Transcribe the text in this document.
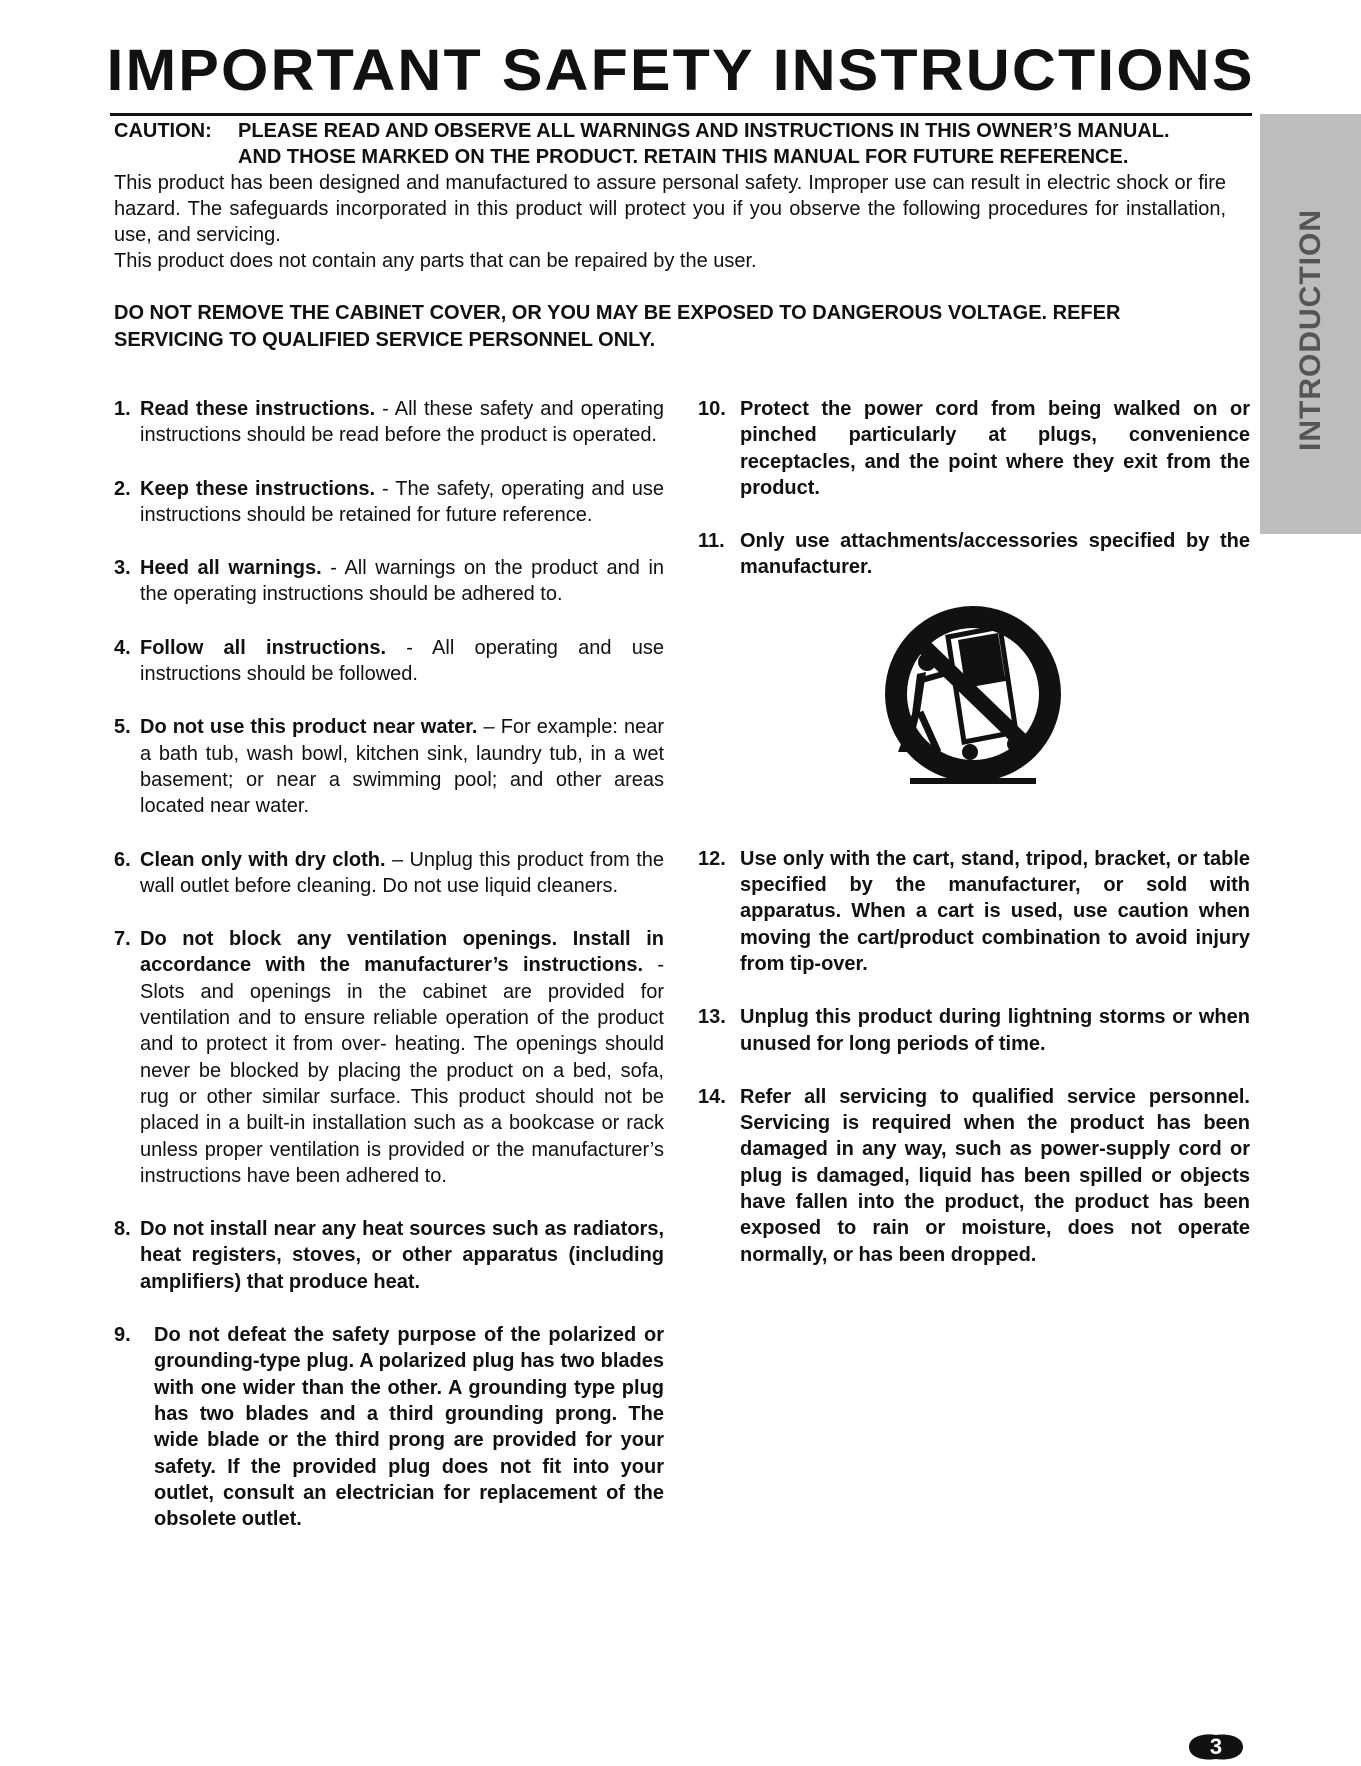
IMPORTANT SAFETY INSTRUCTIONS
INTRODUCTION
CAUTION: PLEASE READ AND OBSERVE ALL WARNINGS AND INSTRUCTIONS IN THIS OWNER’S MANUAL.
AND THOSE MARKED ON THE PRODUCT. RETAIN THIS MANUAL FOR FUTURE REFERENCE.

This product has been designed and manufactured to assure personal safety. Improper use can result in electric shock or fire hazard. The safeguards incorporated in this product will protect you if you observe the following procedures for installation, use, and servicing.

This product does not contain any parts that can be repaired by the user.

DO NOT REMOVE THE CABINET COVER, OR YOU MAY BE EXPOSED TO DANGEROUS VOLTAGE. REFER SERVICING TO QUALIFIED SERVICE PERSONNEL ONLY.
1. Read these instructions. - All these safety and operating instructions should be read before the product is operated.
2. Keep these instructions. - The safety, operating and use instructions should be retained for future reference.
3. Heed all warnings. - All warnings on the product and in the operating instructions should be adhered to.
4. Follow all instructions. - All operating and use instructions should be followed.
5. Do not use this product near water. – For example: near a bath tub, wash bowl, kitchen sink, laundry tub, in a wet basement; or near a swimming pool; and other areas located near water.
6. Clean only with dry cloth. – Unplug this product from the wall outlet before cleaning. Do not use liquid cleaners.
7. Do not block any ventilation openings. Install in accordance with the manufacturer’s instructions. - Slots and openings in the cabinet are provided for ventilation and to ensure reliable operation of the product and to protect it from over- heating. The openings should never be blocked by placing the product on a bed, sofa, rug or other similar surface. This product should not be placed in a built-in installation such as a bookcase or rack unless proper ventilation is provided or the manufacturer’s instructions have been adhered to.
8. Do not install near any heat sources such as radiators, heat registers, stoves, or other apparatus (including amplifiers) that produce heat.
9. Do not defeat the safety purpose of the polarized or grounding-type plug. A polarized plug has two blades with one wider than the other. A grounding type plug has two blades and a third grounding prong. The wide blade or the third prong are provided for your safety. If the provided plug does not fit into your outlet, consult an electrician for replacement of the obsolete outlet.
10. Protect the power cord from being walked on or pinched particularly at plugs, convenience receptacles, and the point where they exit from the product.
11. Only use attachments/accessories specified by the manufacturer.
12. Use only with the cart, stand, tripod, bracket, or table specified by the manufacturer, or sold with apparatus. When a cart is used, use caution when moving the cart/product combination to avoid injury from tip-over.
13. Unplug this product during lightning storms or when unused for long periods of time.
14. Refer all servicing to qualified service personnel. Servicing is required when the product has been damaged in any way, such as power-supply cord or plug is damaged, liquid has been spilled or objects have fallen into the product, the product has been exposed to rain or moisture, does not operate normally, or has been dropped.
3
